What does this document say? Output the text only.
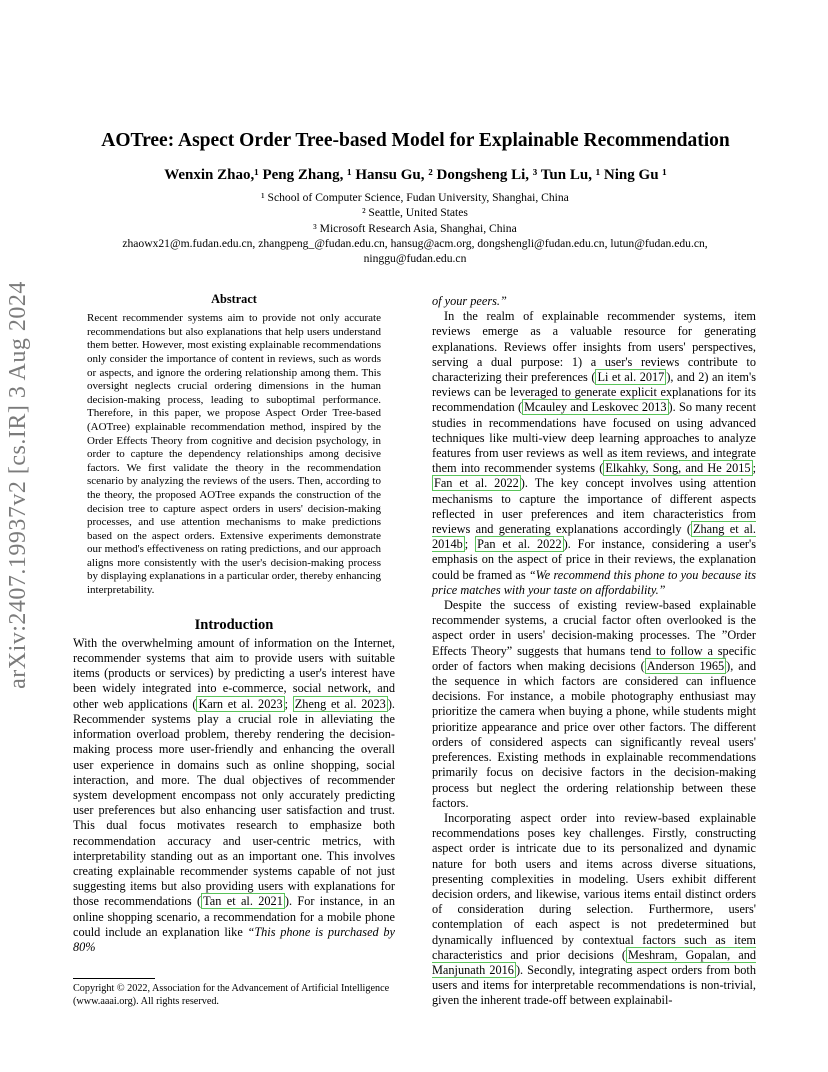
arXiv:2407.19937v2 [cs.IR] 3 Aug 2024
AOTree: Aspect Order Tree-based Model for Explainable Recommendation
Wenxin Zhao,¹ Peng Zhang, ¹ Hansu Gu, ² Dongsheng Li, ³ Tun Lu, ¹ Ning Gu ¹
¹ School of Computer Science, Fudan University, Shanghai, China
² Seattle, United States
³ Microsoft Research Asia, Shanghai, China
zhaowx21@m.fudan.edu.cn, zhangpeng_@fudan.edu.cn, hansug@acm.org, dongshengli@fudan.edu.cn, lutun@fudan.edu.cn,
ninggu@fudan.edu.cn
Abstract

Recent recommender systems aim to provide not only accurate recommendations but also explanations that help users understand them better. However, most existing explainable recommendations only consider the importance of content in reviews, such as words or aspects, and ignore the ordering relationship among them. This oversight neglects crucial ordering dimensions in the human decision-making process, leading to suboptimal performance. Therefore, in this paper, we propose Aspect Order Tree-based (AOTree) explainable recommendation method, inspired by the Order Effects Theory from cognitive and decision psychology, in order to capture the dependency relationships among decisive factors. We first validate the theory in the recommendation scenario by analyzing the reviews of the users. Then, according to the theory, the proposed AOTree expands the construction of the decision tree to capture aspect orders in users' decision-making processes, and use attention mechanisms to make predictions based on the aspect orders. Extensive experiments demonstrate our method's effectiveness on rating predictions, and our approach aligns more consistently with the user's decision-making process by displaying explanations in a particular order, thereby enhancing interpretability.

Introduction

With the overwhelming amount of information on the Internet, recommender systems that aim to provide users with suitable items (products or services) by predicting a user's interest have been widely integrated into e-commerce, social network, and other web applications ( Karn et al. 2023 ; Zheng et al. 2023 ). Recommender systems play a crucial role in alleviating the information overload problem, thereby rendering the decision-making process more user-friendly and enhancing the overall user experience in domains such as online shopping, social interaction, and more. The dual objectives of recommender system development encompass not only accurately predicting user preferences but also enhancing user satisfaction and trust. This dual focus motivates research to emphasize both recommendation accuracy and user-centric metrics, with interpretability standing out as an important one. This involves creating explainable recommender systems capable of not just suggesting items but also providing users with explanations for those recommendations ( Tan et al. 2021 ). For instance, in an online shopping scenario, a recommendation for a mobile phone could include an explanation like “This phone is purchased by 80%

Copyright © 2022, Association for the Advancement of Artificial Intelligence (www.aaai.org). All rights reserved.

of your peers.”

In the realm of explainable recommender systems, item reviews emerge as a valuable resource for generating explanations. Reviews offer insights from users' perspectives, serving a dual purpose: 1) a user's reviews contribute to characterizing their preferences ( Li et al. 2017 ), and 2) an item's reviews can be leveraged to generate explicit explanations for its recommendation ( Mcauley and Leskovec 2013 ). So many recent studies in recommendations have focused on using advanced techniques like multi-view deep learning approaches to analyze features from user reviews as well as item reviews, and integrate them into recommender systems ( Elkahky, Song, and He 2015 ; Fan et al. 2022 ). The key concept involves using attention mechanisms to capture the importance of different aspects reflected in user preferences and item characteristics from reviews and generating explanations accordingly ( Zhang et al. 2014b ; Pan et al. 2022 ). For instance, considering a user's emphasis on the aspect of price in their reviews, the explanation could be framed as “We recommend this phone to you because its price matches with your taste on affordability.”

Despite the success of existing review-based explainable recommender systems, a crucial factor often overlooked is the aspect order in users' decision-making processes. The ”Order Effects Theory” suggests that humans tend to follow a specific order of factors when making decisions ( Anderson 1965 ), and the sequence in which factors are considered can influence decisions. For instance, a mobile photography enthusiast may prioritize the camera when buying a phone, while students might prioritize appearance and price over other factors. The different orders of considered aspects can significantly reveal users' preferences. Existing methods in explainable recommendations primarily focus on decisive factors in the decision-making process but neglect the ordering relationship between these factors.

Incorporating aspect order into review-based explainable recommendations poses key challenges. Firstly, constructing aspect order is intricate due to its personalized and dynamic nature for both users and items across diverse situations, presenting complexities in modeling. Users exhibit different decision orders, and likewise, various items entail distinct orders of consideration during selection. Furthermore, users' contemplation of each aspect is not predetermined but dynamically influenced by contextual factors such as item characteristics and prior decisions ( Meshram, Gopalan, and Manjunath 2016 ). Secondly, integrating aspect orders from both users and items for interpretable recommendations is non-trivial, given the inherent trade-off between explainabil-
